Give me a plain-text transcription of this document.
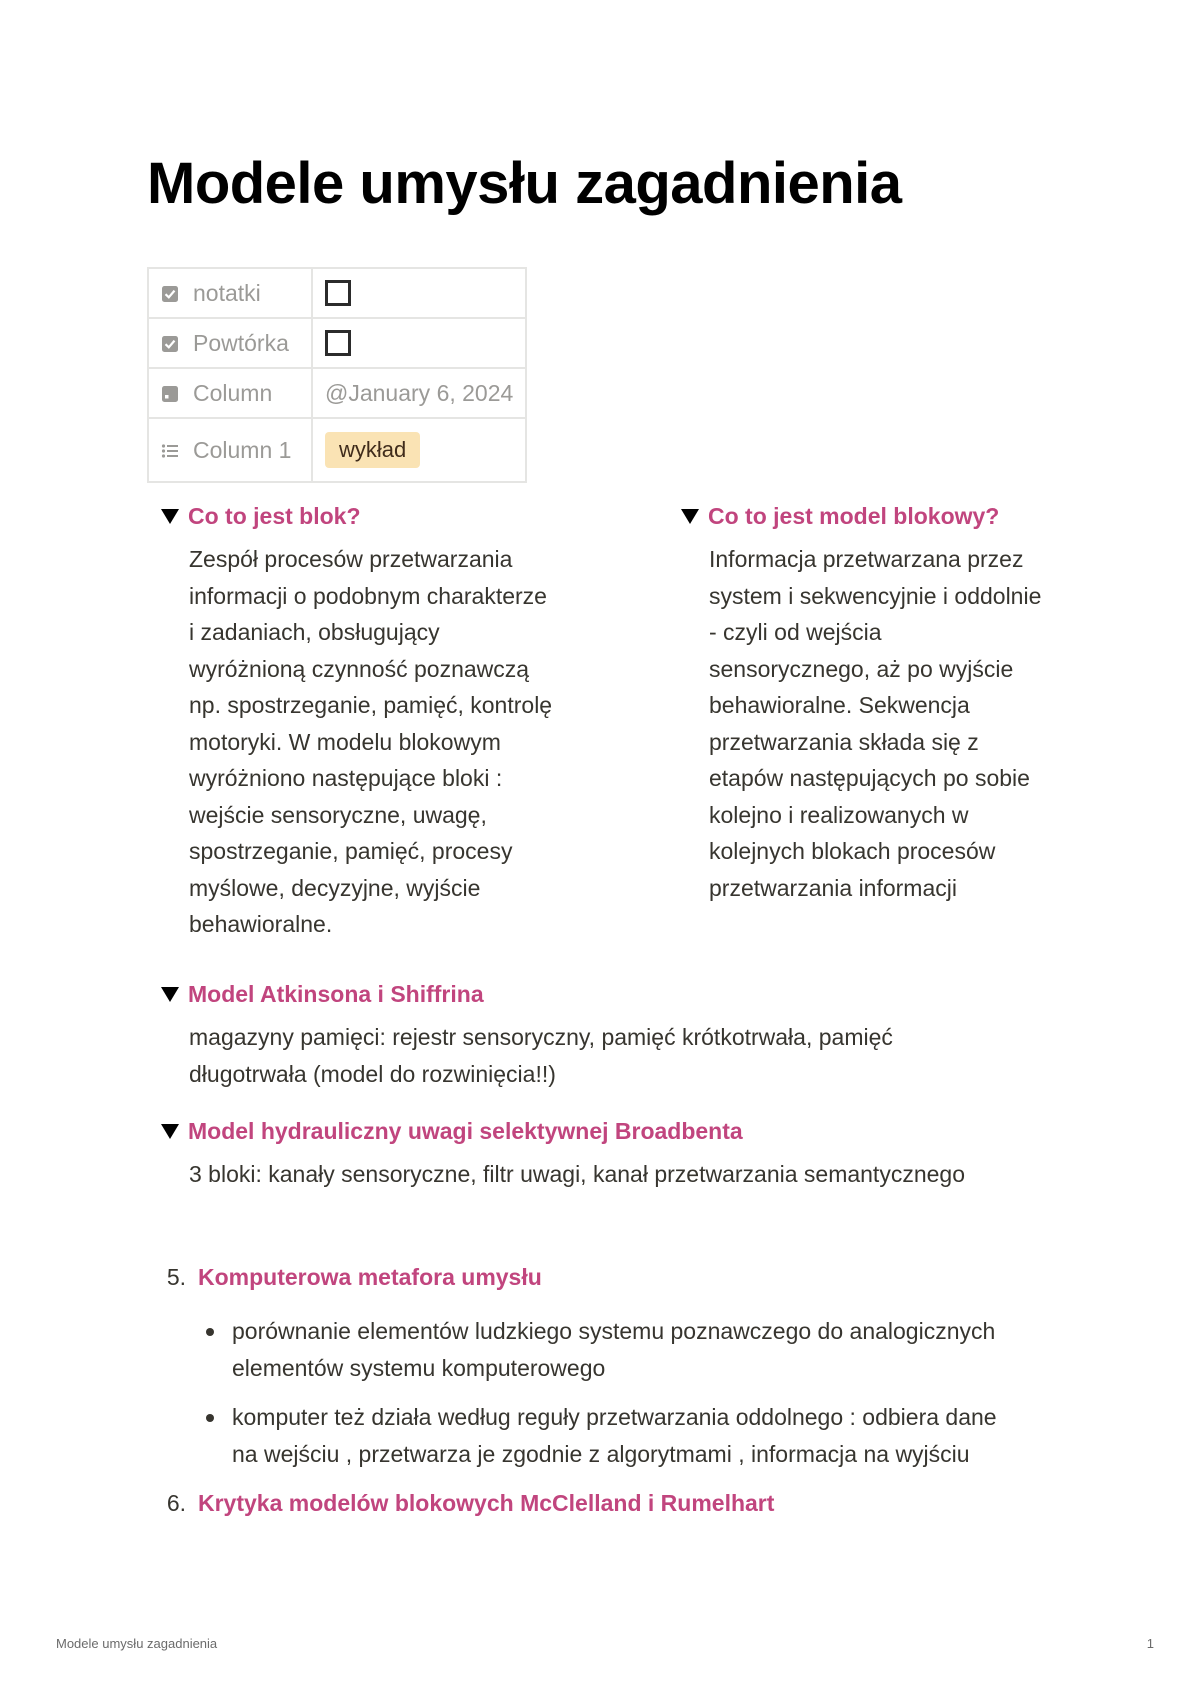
Modele umysłu zagadnienia
notatki	
Powtórka	
Column	@January 6, 2024
Column 1	wykład
Co to jest blok?
Zespół procesów przetwarzania
informacji o podobnym charakterze
i zadaniach, obsługujący
wyróżnioną czynność poznawczą
np. spostrzeganie, pamięć, kontrolę
motoryki. W modelu blokowym
wyróżniono następujące bloki :
wejście sensoryczne, uwagę,
spostrzeganie, pamięć, procesy
myślowe, decyzyjne, wyjście
behawioralne.
Co to jest model blokowy?
Informacja przetwarzana przez
system i sekwencyjnie i oddolnie
- czyli od wejścia
sensorycznego, aż po wyjście
behawioralne. Sekwencja
przetwarzania składa się z
etapów następujących po sobie
kolejno i realizowanych w
kolejnych blokach procesów
przetwarzania informacji
Model Atkinsona i Shiffrina
magazyny pamięci: rejestr sensoryczny, pamięć krótkotrwała, pamięć
długotrwała (model do rozwinięcia!!)
Model hydrauliczny uwagi selektywnej Broadbenta
3 bloki: kanały sensoryczne, filtr uwagi, kanał przetwarzania semantycznego
5. Komputerowa metafora umysłu
porównanie elementów ludzkiego systemu poznawczego do analogicznych
elementów systemu komputerowego
komputer też działa według reguły przetwarzania oddolnego : odbiera dane
na wejściu , przetwarza je zgodnie z algorytmami , informacja na wyjściu
6. Krytyka modelów blokowych McClelland i Rumelhart
Modele umysłu zagadnienia	1
